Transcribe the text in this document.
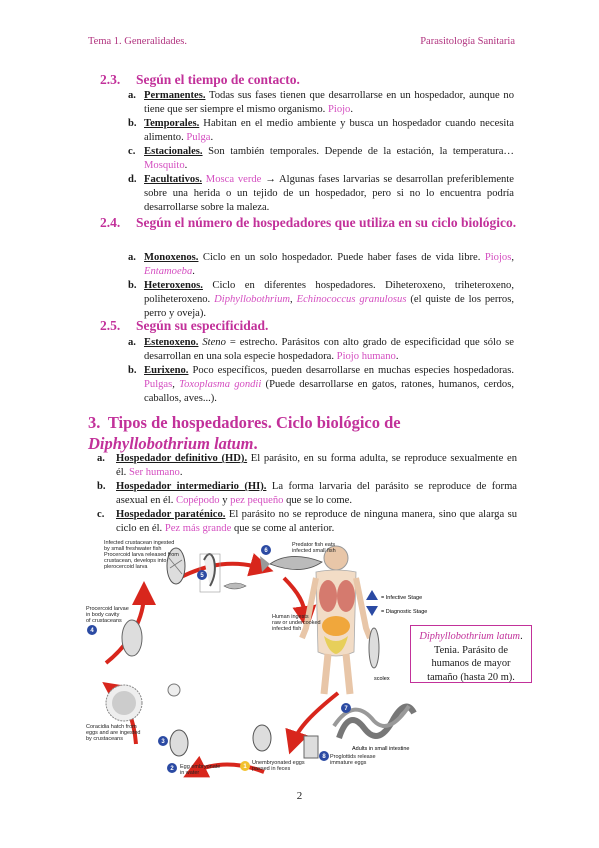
Tema 1. Generalidades.	Parasitología Sanitaria
2.3. Según el tiempo de contacto.
a. Permanentes. Todas sus fases tienen que desarrollarse en un hospedador, aunque no tiene que ser siempre el mismo organismo. Piojo.
b. Temporales. Habitan en el medio ambiente y busca un hospedador cuando necesita alimento. Pulga.
c. Estacionales. Son también temporales. Depende de la estación, la temperatura… Mosquito.
d. Facultativos. Mosca verde → Algunas fases larvarias se desarrollan preferiblemente sobre una herida o un tejido de un hospedador, pero si no lo encuentra podría desarrollarse sobre la maleza.
2.4. Según el número de hospedadores que utiliza en su ciclo biológico.
a. Monoxenos. Ciclo en un solo hospedador. Puede haber fases de vida libre. Piojos, Entamoeba.
b. Heteroxenos. Ciclo en diferentes hospedadores. Diheteroxeno, triheteroxeno, poliheteroxeno. Diphyllobothrium, Echinococcus granulosus (el quiste de los perros, perro y oveja).
2.5. Según su especificidad.
a. Estenoxeno. Steno = estrecho. Parásitos con alto grado de especificidad que sólo se desarrollan en una sola especie hospedadora. Piojo humano.
b. Eurixeno. Poco específicos, pueden desarrollarse en muchas especies hospedadoras. Pulgas, Toxoplasma gondii (Puede desarrollarse en gatos, ratones, humanos, cerdos, caballos, aves...).
3. Tipos de hospedadores. Ciclo biológico de Diphyllobothrium latum.
a. Hospedador definitivo (HD). El parásito, en su forma adulta, se reproduce sexualmente en él. Ser humano.
b. Hospedador intermediario (HI). La forma larvaria del parásito se reproduce de forma asexual en él. Copépodo y pez pequeño que se lo come.
c. Hospedador paraténico. El parásito no se reproduce de ninguna manera, sino que alarga su ciclo en él. Pez más grande que se come al anterior.
= Infective Stage
= Diagnostic Stage
scolex
Adults in small intestine
Infected crustacean ingested
by small freshwater fish
Procercoid larva released from
crustacean, develops into
plerocercoid larva
Predator fish eats
infected small fish
Human ingests
raw or undercooked
infected fish
Procercoid larvae
in body cavity
of crustaceans
Coracidia hatch from
eggs and are ingested
by crustaceans
Egg embryonate
in water
Unembryonated eggs
passed in feces
Proglottids release
immature eggs
5
6
4
3
2	1
8
7
Diphyllobothrium latum. Tenia. Parásito de humanos de mayor tamaño (hasta 20 m).
2
